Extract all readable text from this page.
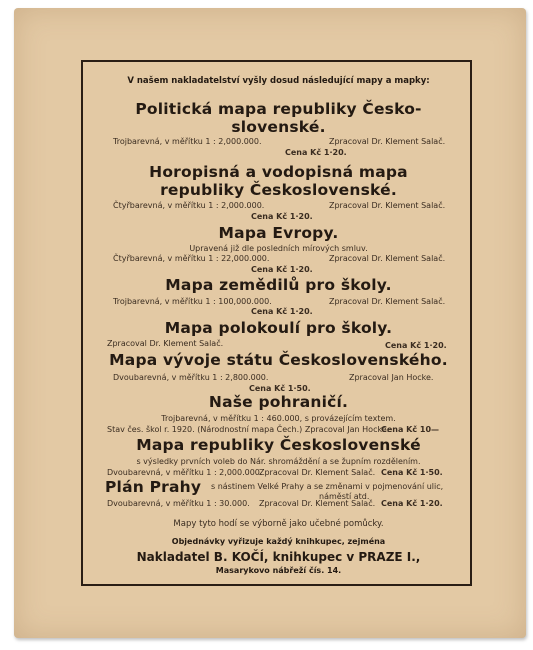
V našem nakladatelství vyšly dosud následující mapy a mapky:
Politická mapa republiky Česko-
slovenské.
Trojbarevná, v měřítku 1 : 2,000.000.	Zpracoval Dr. Klement Salač.
Cena Kč 1·20.
Horopisná a vodopisná mapa
republiky Československé.
Čtyřbarevná, v měřítku 1 : 2,000.000.	Zpracoval Dr. Klement Salač.
Cena Kč 1·20.
Mapa Evropy.
Upravená již dle posledních mírových smluv.
Čtyřbarevná, v měřítku 1 : 22,000.000.	Zpracoval Dr. Klement Salač.
Cena Kč 1·20.
Mapa zemědilů pro školy.
Trojbarevná, v měřítku 1 : 100,000.000.	Zpracoval Dr. Klement Salač.
Cena Kč 1·20.
Mapa polokoulí pro školy.
Zpracoval Dr. Klement Salač.	Cena Kč 1·20.
Mapa vývoje státu Československého.
Dvoubarevná, v měřítku 1 : 2,800.000.	Zpracoval Jan Hocke.
Cena Kč 1·50.
Naše pohraničí.
Trojbarevná, v měřítku 1 : 460.000, s provázejícím textem.
Stav čes. škol r. 1920. (Národnostní mapa Čech.) Zpracoval Jan Hocke.
Cena Kč 10—
Mapa republiky Československé
s výsledky prvních voleb do Nár. shromáždění a se župním rozdělením.
Dvoubarevná, v měřítku 1 : 2,000.000.
Zpracoval Dr. Klement Salač. Cena Kč 1·50.
Plán Prahy s nástinem Velké Prahy a se změnami v pojmenování ulic,
náměstí atd.
Dvoubarevná, v měřítku 1 : 30.000. Zpracoval Dr. Klement Salač. Cena Kč 1·20.
Mapy tyto hodí se výborně jako učebné pomůcky.
Objednávky vyřizuje každý knihkupec, zejména
Nakladatel B. KOČÍ, knihkupec v PRAZE I.,
Masarykovo nábřeží čís. 14.
